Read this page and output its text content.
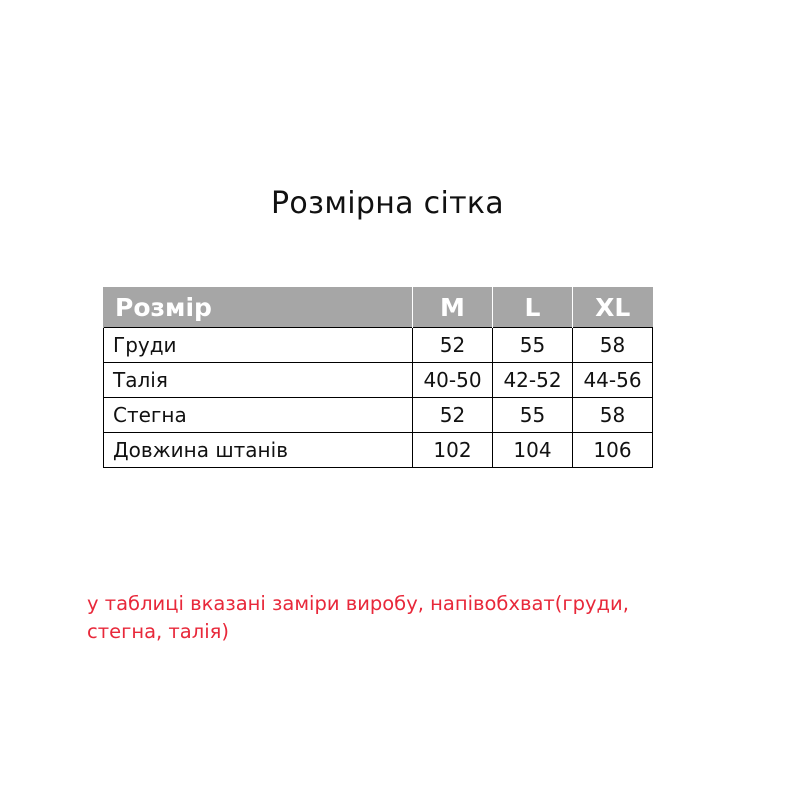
Розмірна сітка
Розмір	M	L	XL
Груди	52	55	58
Талія	40-50	42-52	44-56
Стегна	52	55	58
Довжина штанів	102	104	106
у таблиці вказані заміри виробу, напівобхват(груди, стегна, талія)
